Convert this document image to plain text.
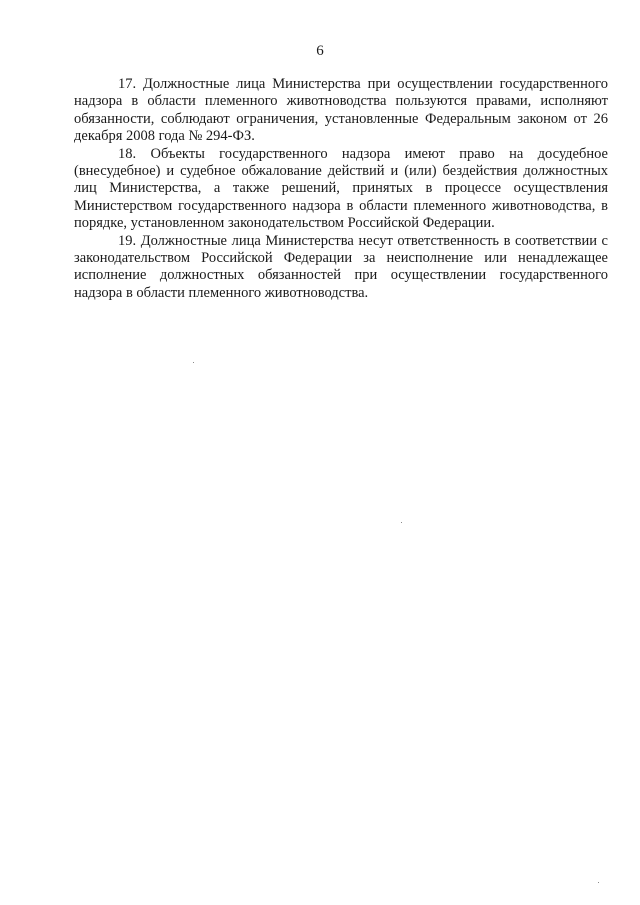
6

17. Должностные лица Министерства при осуществлении государственного надзора в области племенного животноводства пользуются правами, исполняют обязанности, соблюдают ограничения, установленные Федеральным законом от 26 декабря 2008 года № 294-ФЗ.

18. Объекты государственного надзора имеют право на досудебное (внесудебное) и судебное обжалование действий и (или) бездействия должностных лиц Министерства, а также решений, принятых в процессе осуществления Министерством государственного надзора в области племенного животноводства, в порядке, установленном законодательством Российской Федерации.

19. Должностные лица Министерства несут ответственность в соответствии с законодательством Российской Федерации за неисполнение или ненадлежащее исполнение должностных обязанностей при осуществлении государственного надзора в области племенного животноводства.
